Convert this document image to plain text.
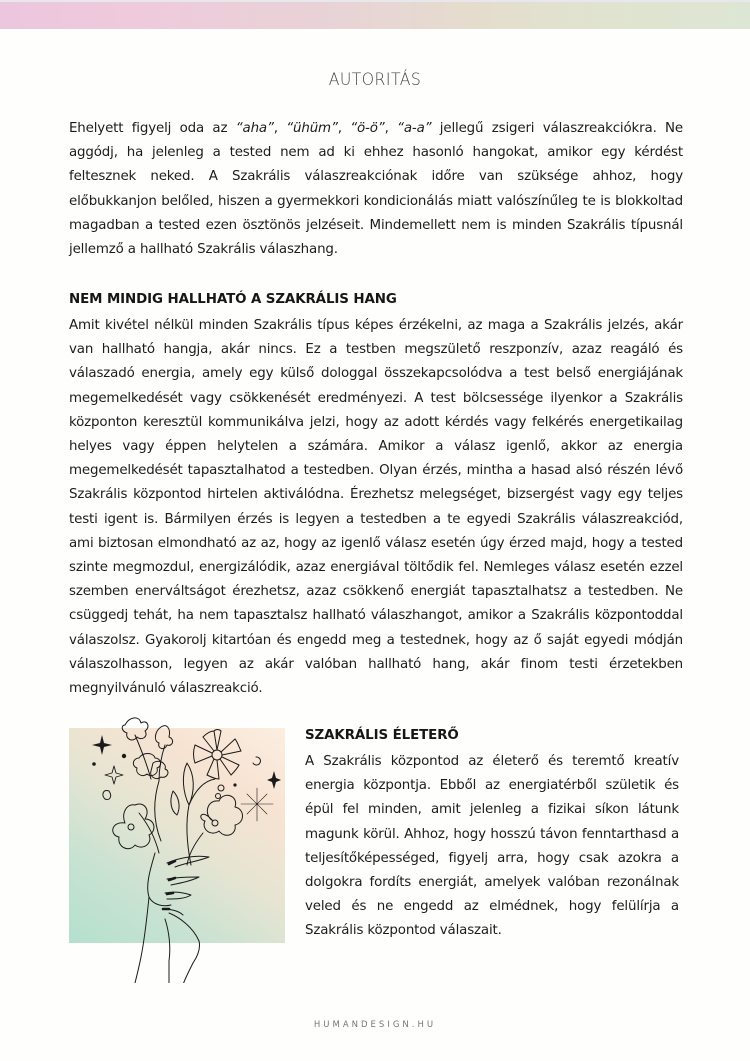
AUTORITÁS

Ehelyett figyelj oda az “aha”, “ühüm”, “ö-ö”, “a-a” jellegű zsigeri válaszreakciókra. Ne aggódj, ha jelenleg a tested nem ad ki ehhez hasonló hangokat, amikor egy kérdést feltesznek neked. A Szakrális válaszreakciónak időre van szüksége ahhoz, hogy előbukkanjon belőled, hiszen a gyermekkori kondicionálás miatt valószínűleg te is blokkoltad magadban a tested ezen ösztönös jelzéseit. Mindemellett nem is minden Szakrális típusnál jellemző a hallható Szakrális válaszhang.

NEM MINDIG HALLHATÓ A SZAKRÁLIS HANG

Amit kivétel nélkül minden Szakrális típus képes érzékelni, az maga a Szakrális jelzés, akár van hallható hangja, akár nincs. Ez a testben megszülető reszponzív, azaz reagáló és válaszadó energia, amely egy külső dologgal összekapcsolódva a test belső energiájának megemelkedését vagy csökkenését eredményezi. A test bölcsessége ilyenkor a Szakrális központon keresztül kommunikálva jelzi, hogy az adott kérdés vagy felkérés energetikailag helyes vagy éppen helytelen a számára. Amikor a válasz igenlő, akkor az energia megemelkedését tapasztalhatod a testedben. Olyan érzés, mintha a hasad alsó részén lévő Szakrális központod hirtelen aktiválódna. Érezhetsz melegséget, bizsergést vagy egy teljes testi igent is. Bármilyen érzés is legyen a testedben a te egyedi Szakrális válaszreakciód, ami biztosan elmondható az az, hogy az igenlő válasz esetén úgy érzed majd, hogy a tested szinte megmozdul, energizálódik, azaz energiával töltődik fel. Nemleges válasz esetén ezzel szemben enerváltságot érezhetsz, azaz csökkenő energiát tapasztalhatsz a testedben. Ne csüggedj tehát, ha nem tapasztalsz hallható válaszhangot, amikor a Szakrális központoddal válaszolsz. Gyakorolj kitartóan és engedd meg a testednek, hogy az ő saját egyedi módján válaszolhasson, legyen az akár valóban hallható hang, akár finom testi érzetekben megnyilvánuló válaszreakció.

SZAKRÁLIS ÉLETERŐ

A Szakrális központod az életerő és teremtő kreatív energia központja. Ebből az energiatérből születik és épül fel minden, amit jelenleg a fizikai síkon látunk magunk körül. Ahhoz, hogy hosszú távon fenntarthasd a teljesítőképességed, figyelj arra, hogy csak azokra a dolgokra fordíts energiát, amelyek valóban rezonálnak veled és ne engedd az elmédnek, hogy felülírja a Szakrális központod válaszait.

HUMANDESIGN.HU
